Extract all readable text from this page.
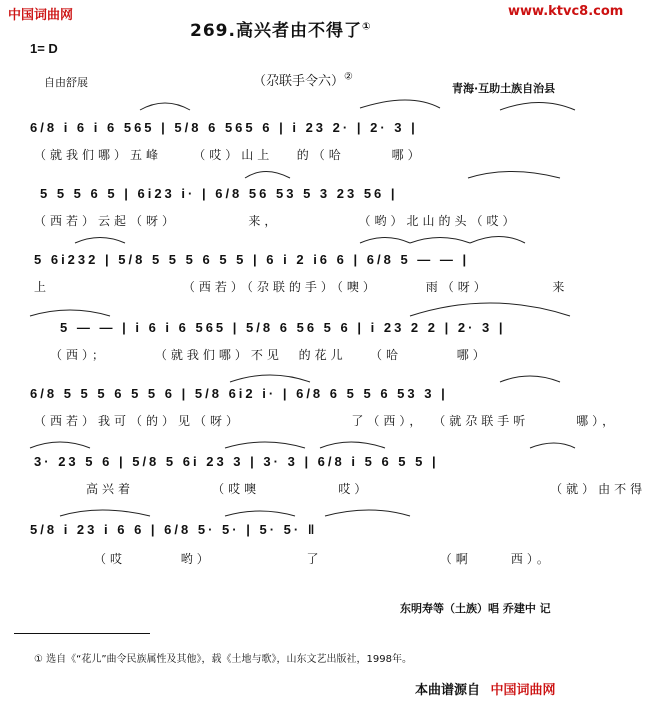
中国词曲网	www.ktvc8.com
269.高兴者由不得了①
1= D
自由舒展	（尕联手令六）②
青海·互助土族自治县
6/8 i 6 i 6 565 | 5/8 6 565 6 | i 23 2· | 2· 3 |
（就我们哪）五峰	（哎）山上 的（哈	哪）
5 5 5 6 5 | 6i23 i· | 6/8 56 53 5 3 23 56 |
（西若）云起（呀）	来，	（哟）北山的头（哎）
5 6i232 | 5/8 5 5 5 6 5 5 | 6 i 2 i6 6 | 6/8 5 — — |
上	（西若）（尕联的手）（噢）	雨（呀）	来
5 — — | i 6 i 6 565 | 5/8 6 56 5 6 | i 23 2 2 | 2· 3 |
（西）；	（就我们哪）不见 的花儿 （哈	哪）
6/8 5 5 5 6 5 5 6 | 5/8 6i2 i· | 6/8 6 5 5 6 53 3 |
（西若）我可（的）见（呀）	了（西）， （就尕联手听	哪），
3· 23 5 6 | 5/8 5 6i 23 3 | 3· 3 | 6/8 i 5 6 5 5 |
高兴着	（哎噢	哎）	（就）由不得
5/8 i 23 i 6 6 | 6/8 5· 5· | 5· 5· ‖
（哎	哟）	了	（啊	西）。
东明寿等（土族）唱 乔建中 记
① 选自《“花儿”曲令民族属性及其他》，载《土地与歌》，山东文艺出版社，1998年。
本曲谱源自 中国词曲网
